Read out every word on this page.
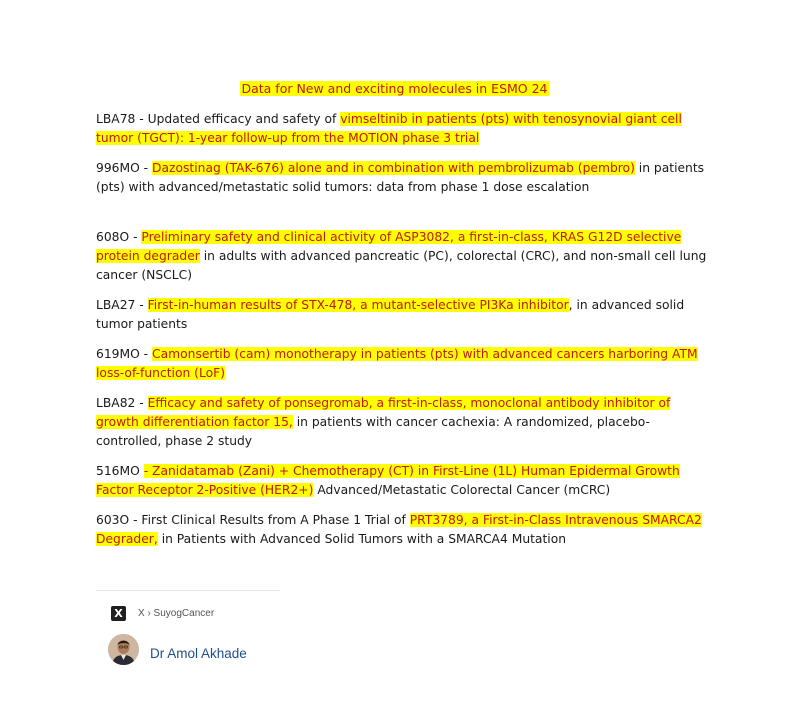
Data for New and exciting molecules in ESMO 24
LBA78 - Updated efficacy and safety of vimseltinib in patients (pts) with tenosynovial giant cell tumor (TGCT): 1-year follow-up from the MOTION phase 3 trial
996MO - Dazostinag (TAK-676) alone and in combination with pembrolizumab (pembro) in patients (pts) with advanced/metastatic solid tumors: data from phase 1 dose escalation
608O - Preliminary safety and clinical activity of ASP3082, a first-in-class, KRAS G12D selective protein degrader in adults with advanced pancreatic (PC), colorectal (CRC), and non-small cell lung cancer (NSCLC)
LBA27 - First-in-human results of STX-478, a mutant-selective PI3Ka inhibitor, in advanced solid tumor patients
619MO - Camonsertib (cam) monotherapy in patients (pts) with advanced cancers harboring ATM loss-of-function (LoF)
LBA82 - Efficacy and safety of ponsegromab, a first-in-class, monoclonal antibody inhibitor of growth differentiation factor 15, in patients with cancer cachexia: A randomized, placebo-controlled, phase 2 study
516MO - Zanidatamab (Zani) + Chemotherapy (CT) in First-Line (1L) Human Epidermal Growth Factor Receptor 2-Positive (HER2+) Advanced/Metastatic Colorectal Cancer (mCRC)
603O - First Clinical Results from A Phase 1 Trial of PRT3789, a First-in-Class Intravenous SMARCA2 Degrader, in Patients with Advanced Solid Tumors with a SMARCA4 Mutation
X	X › SuyogCancer
Dr Amol Akhade
